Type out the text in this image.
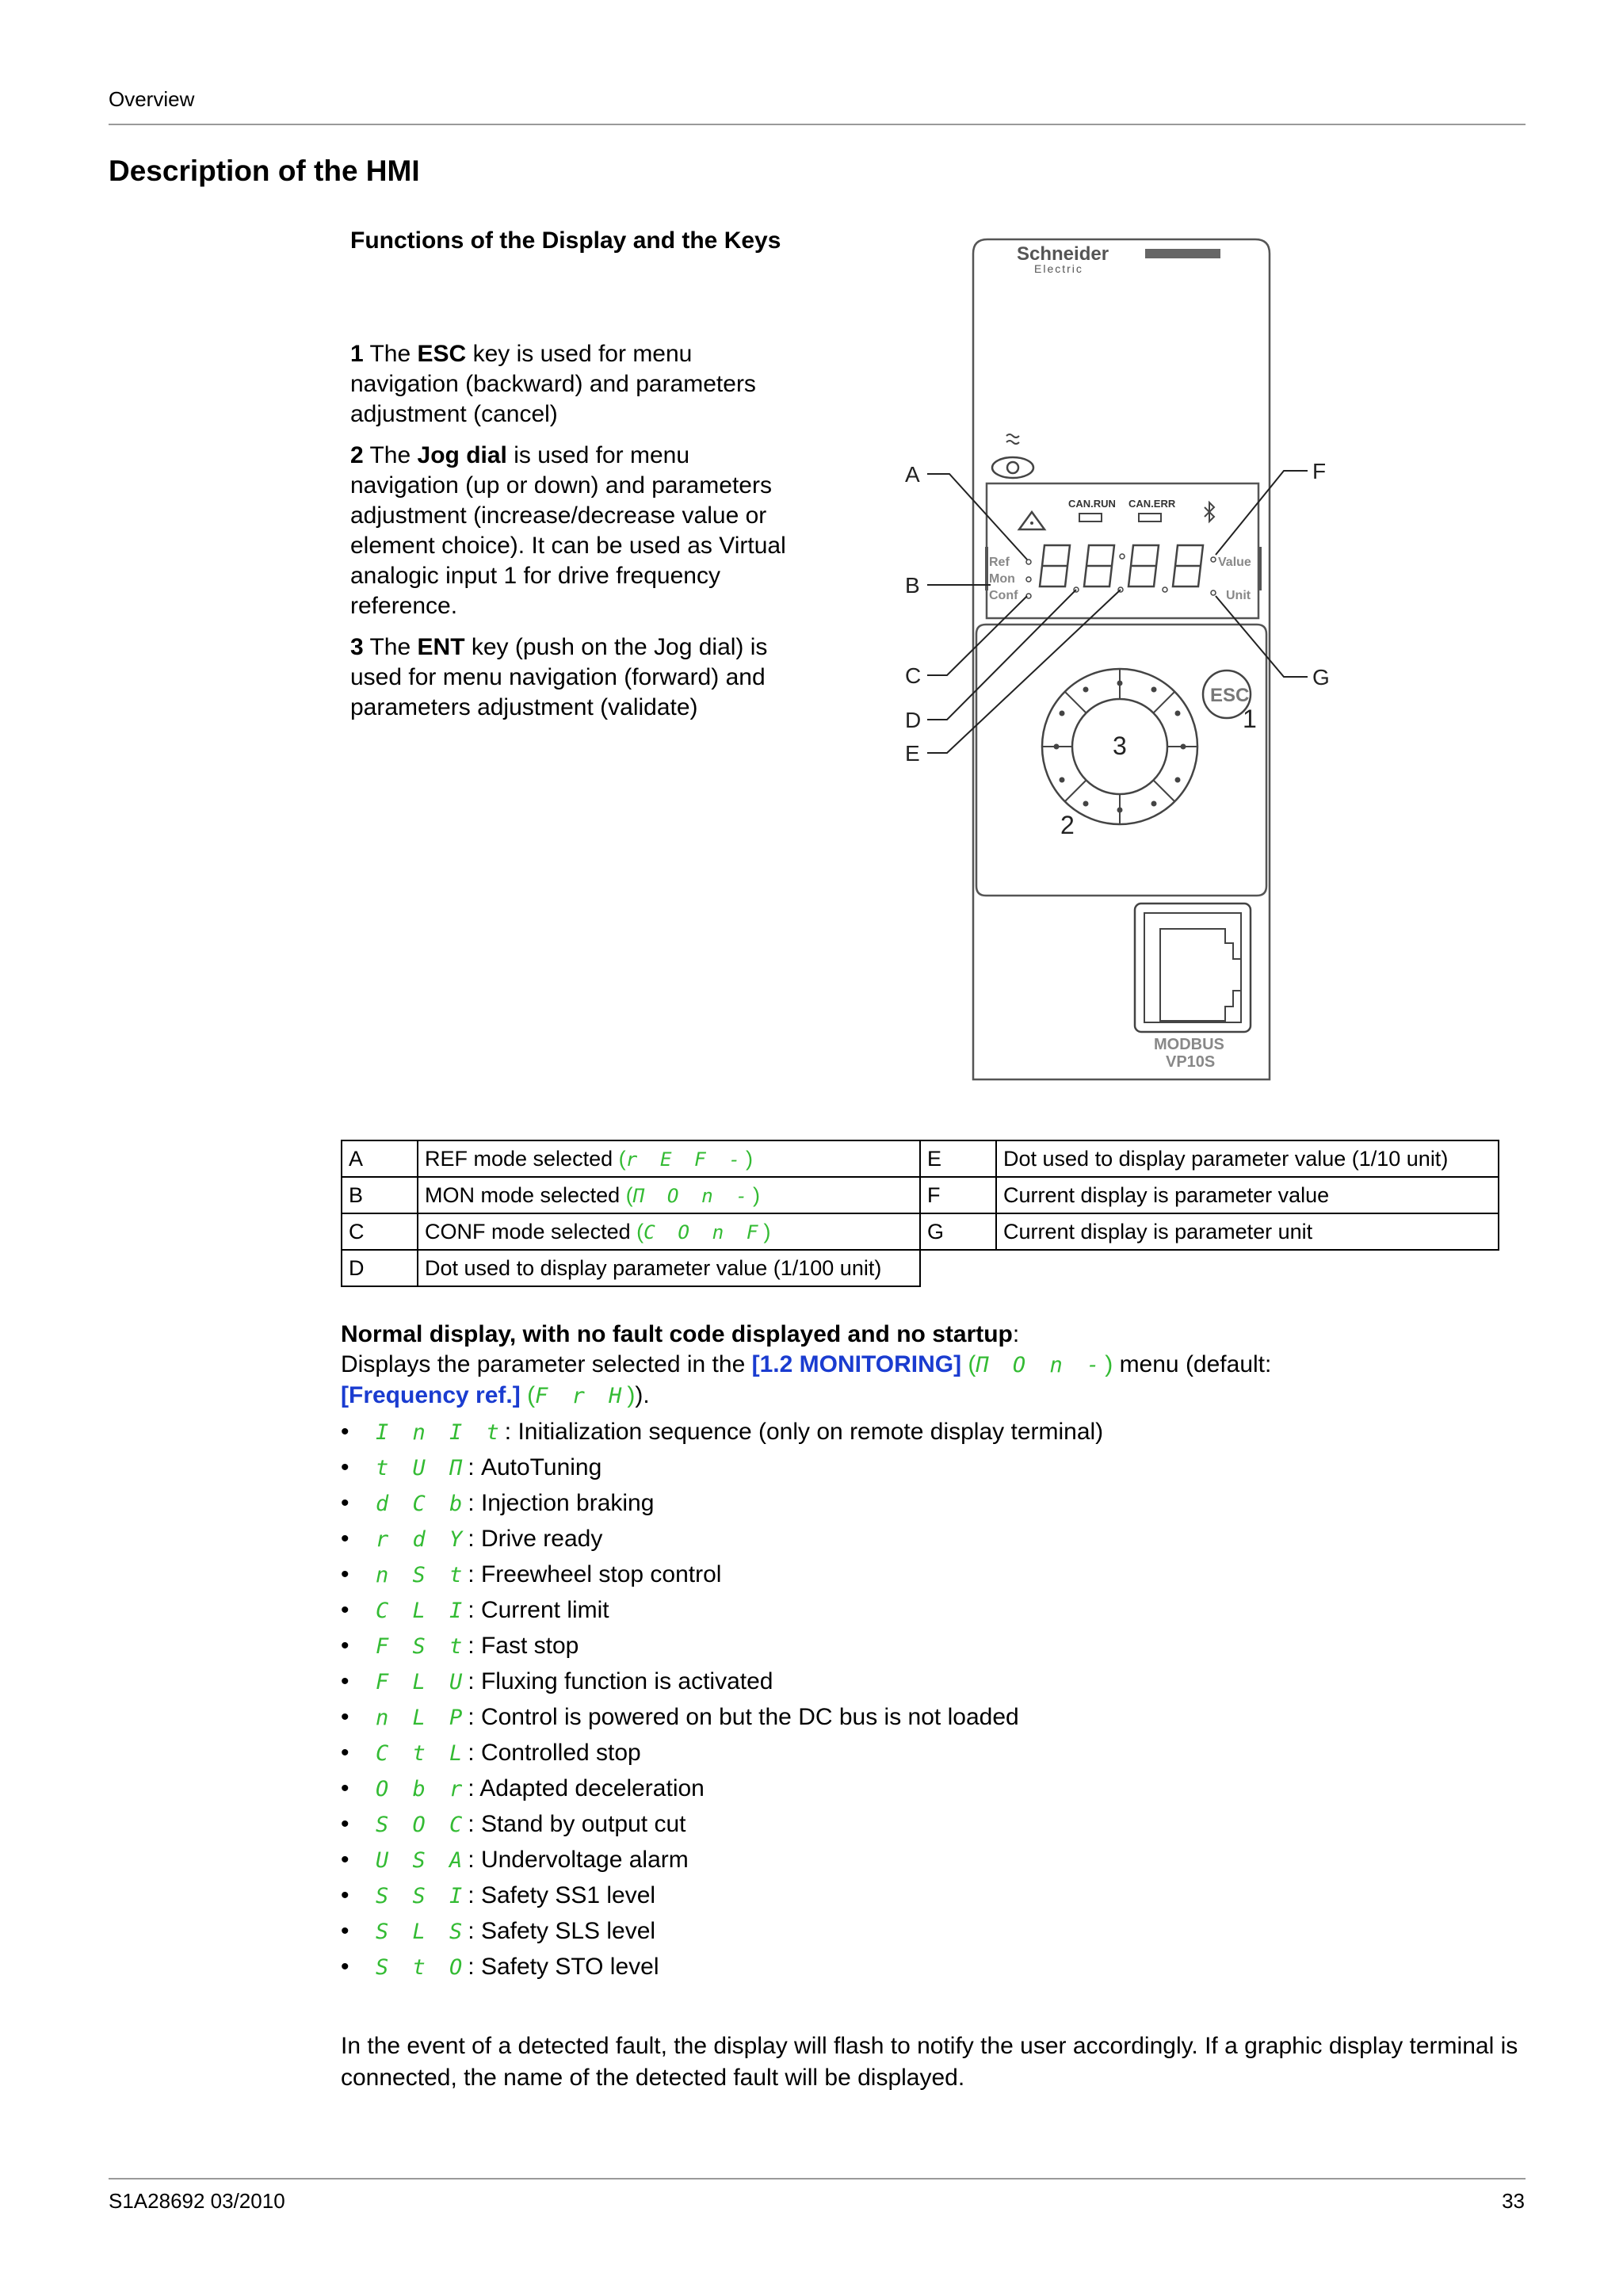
Overview
Description of the HMI
Functions of the Display and the Keys
1 The ESC key is used for menu navigation (backward) and parameters adjustment (cancel)
2 The Jog dial is used for menu navigation (up or down) and parameters adjustment (increase/decrease value or element choice). It can be used as Virtual analogic input 1 for drive frequency reference.
3 The ENT key (push on the Jog dial) is used for menu navigation (forward) and parameters adjustment (validate)
Schneider
Electric
CAN.RUN CAN.ERR
Ref
Mon
Conf
Value
Unit
3
2
ESC
1
MODBUS
VP10S
A
B
C
D
E
F
G
A	REF mode selected (r E F -)	E	Dot used to display parameter value (1/10 unit)
B	MON mode selected (Π Ο n -)	F	Current display is parameter value
C	CONF mode selected (C O n F)	G	Current display is parameter unit
D	Dot used to display parameter value (1/100 unit)		
Normal display, with no fault code displayed and no startup:
Displays the parameter selected in the [1.2 MONITORING] (Π Ο n -) menu (default:
[Frequency ref.] (F r H)).
• I n I t: Initialization sequence (only on remote display terminal)
• t U Π: AutoTuning
• d C b: Injection braking
• r d Y: Drive ready
• n S t: Freewheel stop control
• C L I: Current limit
• F S t: Fast stop
• F L U: Fluxing function is activated
• n L P: Control is powered on but the DC bus is not loaded
• C t L: Controlled stop
• O b r: Adapted deceleration
• S O C: Stand by output cut
• U S A: Undervoltage alarm
• S S I: Safety SS1 level
• S L S: Safety SLS level
• S t O: Safety STO level
In the event of a detected fault, the display will flash to notify the user accordingly. If a graphic display terminal is connected, the name of the detected fault will be displayed.
S1A28692 03/2010	33
